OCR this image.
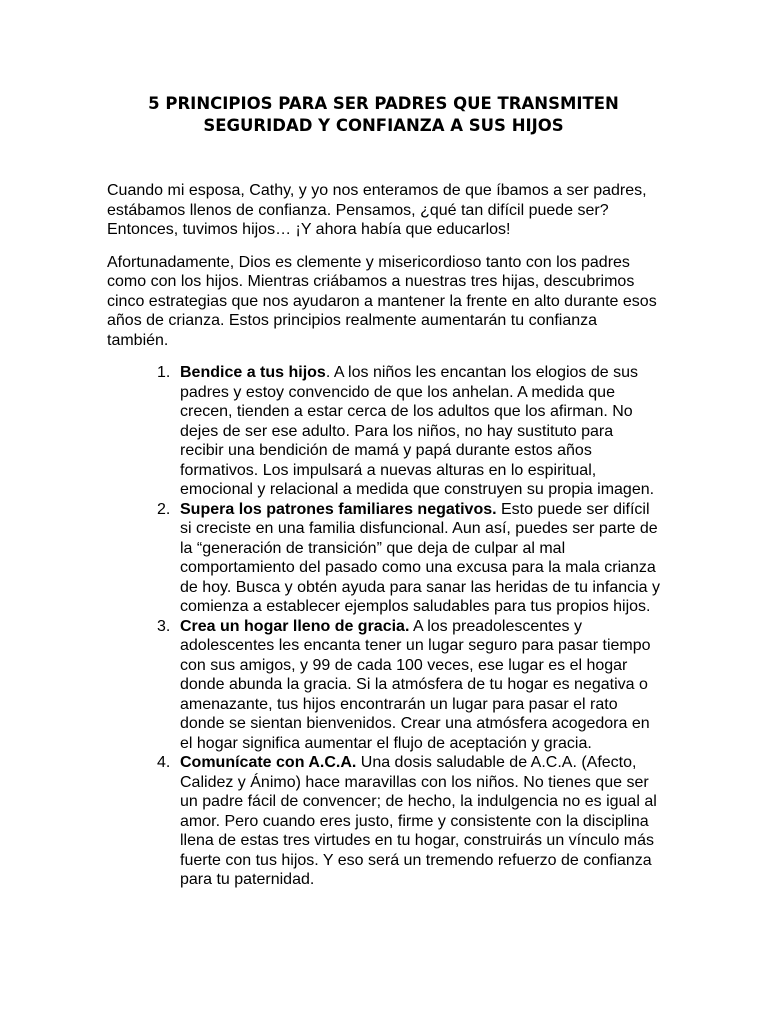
5 PRINCIPIOS PARA SER PADRES QUE TRANSMITEN
SEGURIDAD Y CONFIANZA A SUS HIJOS

Cuando mi esposa, Cathy, y yo nos enteramos de que íbamos a ser padres, estábamos llenos de confianza. Pensamos, ¿qué tan difícil puede ser? Entonces, tuvimos hijos… ¡Y ahora había que educarlos!

Afortunadamente, Dios es clemente y misericordioso tanto con los padres como con los hijos. Mientras criábamos a nuestras tres hijas, descubrimos cinco estrategias que nos ayudaron a mantener la frente en alto durante esos años de crianza. Estos principios realmente aumentarán tu confianza también.

1. Bendice a tus hijos. A los niños les encantan los elogios de sus padres y estoy convencido de que los anhelan. A medida que crecen, tienden a estar cerca de los adultos que los afirman. No dejes de ser ese adulto. Para los niños, no hay sustituto para recibir una bendición de mamá y papá durante estos años formativos. Los impulsará a nuevas alturas en lo espiritual, emocional y relacional a medida que construyen su propia imagen.
2. Supera los patrones familiares negativos. Esto puede ser difícil si creciste en una familia disfuncional. Aun así, puedes ser parte de la “generación de transición” que deja de culpar al mal comportamiento del pasado como una excusa para la mala crianza de hoy. Busca y obtén ayuda para sanar las heridas de tu infancia y comienza a establecer ejemplos saludables para tus propios hijos.
3. Crea un hogar lleno de gracia. A los preadolescentes y adolescentes les encanta tener un lugar seguro para pasar tiempo con sus amigos, y 99 de cada 100 veces, ese lugar es el hogar donde abunda la gracia. Si la atmósfera de tu hogar es negativa o amenazante, tus hijos encontrarán un lugar para pasar el rato donde se sientan bienvenidos. Crear una atmósfera acogedora en el hogar significa aumentar el flujo de aceptación y gracia.
4. Comunícate con A.C.A. Una dosis saludable de A.C.A. (Afecto, Calidez y Ánimo) hace maravillas con los niños. No tienes que ser un padre fácil de convencer; de hecho, la indulgencia no es igual al amor. Pero cuando eres justo, firme y consistente con la disciplina llena de estas tres virtudes en tu hogar, construirás un vínculo más fuerte con tus hijos. Y eso será un tremendo refuerzo de confianza para tu paternidad.
